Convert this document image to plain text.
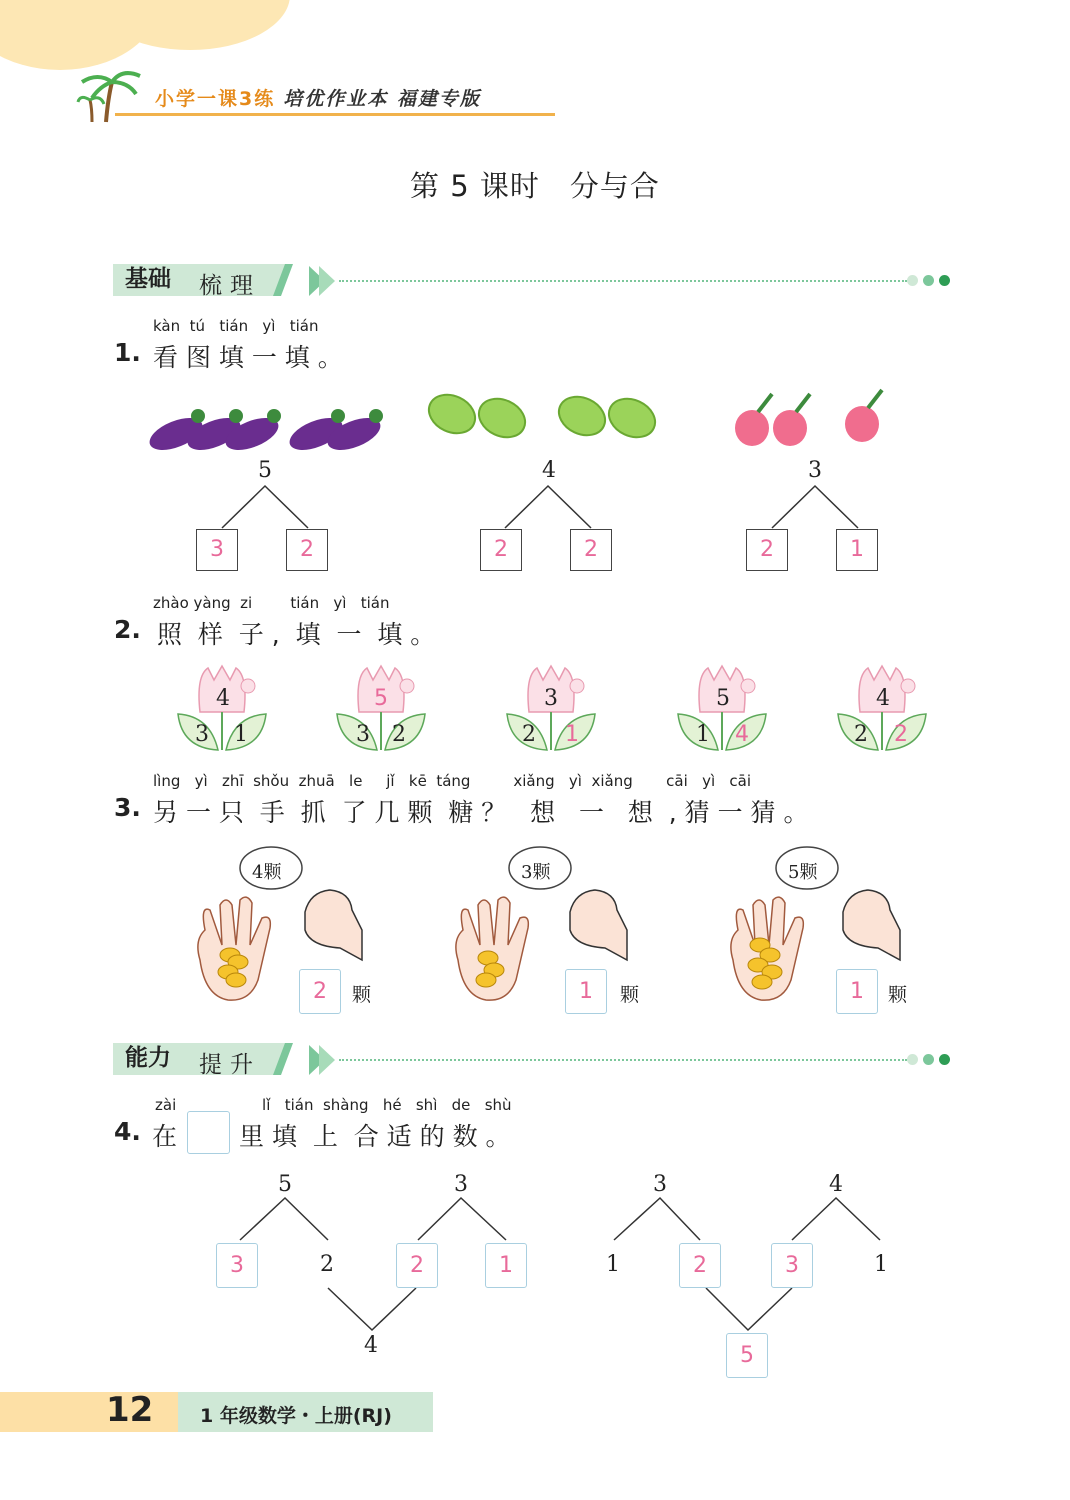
小学一课3练 培优作业本 福建专版
第 5 课时　分与合
基础 梳理
kàn  tú   tián   yì   tián
1. 看 图 填 一 填 。
5	4	3
3	2	2	2	2	1
zhào yàng  zi        tián   yì   tián
2. 照  样  子 ,  填  一  填 。
4
3	1
5
3	2
3
2	1
5
1	4
4
2	2
lìng   yì   zhī  shǒu  zhuā   le     jǐ   kē  táng         xiǎng   yì  xiǎng       cāi   yì   cāi
3. 另 一 只  手  抓  了 几 颗  糖 ？   想   一   想  , 猜 一 猜 。
4颗	3颗	5颗
2	颗	1	颗	1	颗
能力 提升
zài                  lǐ   tián  shàng   hé   shì   de   shù
4. 在 里 填  上  合 适 的 数 。
5
3	2
4
3
2	1
3
1	2
5
4
3	1
12 1 年级数学・上册(RJ)
